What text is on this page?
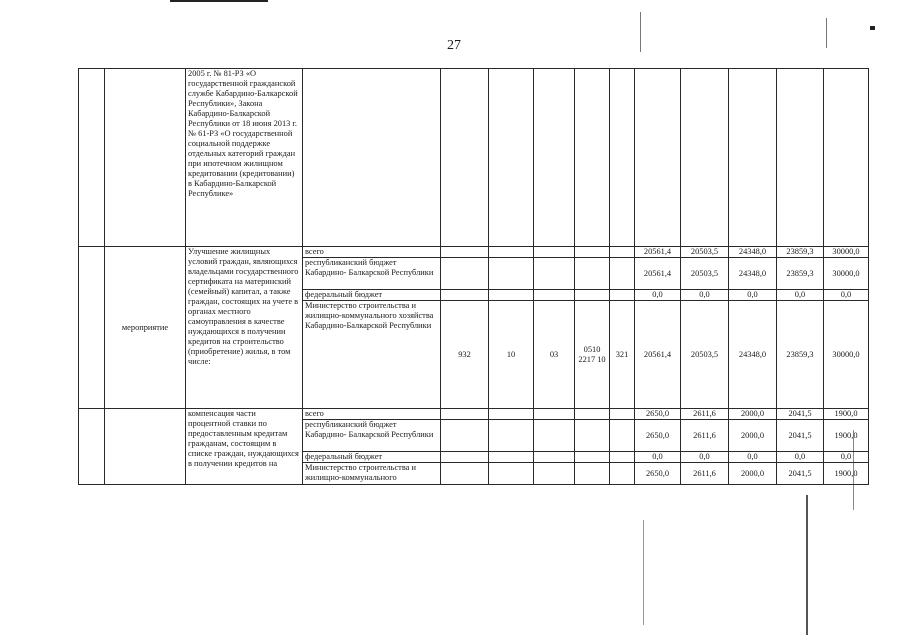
27
		2005 г. № 81-РЗ «О государственной гражданской службе Кабардино-Балкарской Республики», Закона Кабардино-Балкарской Республики от 18 июня 2013 г. № 61-РЗ «О государственной социальной поддержке отдельных категорий граждан при ипотечном жилищном кредитовании (кредитовании) в Кабардино-Балкарской Республике»											
	мероприятие	Улучшение жилищных условий граждан, являющихся владельцами государственного сертификата на материнский (семейный) капитал, а также граждан, состоящих на учете в органах местного самоуправления в качестве нуждающихся в получении кредитов на строительство (приобретение) жилья, в том числе:	всего						20561,4	20503,5	24348,0	23859,3	30000,0
			республиканский бюджет Кабардино- Балкарской Республики						20561,4	20503,5	24348,0	23859,3	30000,0
			федеральный бюджет						0,0	0,0	0,0	0,0	0,0
			Министерство строительства и жилищно-коммунального хозяйства Кабардино-Балкарской Республики	932	10	03	0510 2217 10	321	20561,4	20503,5	24348,0	23859,3	30000,0
		компенсация части процентной ставки по предоставленным кредитам гражданам, состоящим в списке граждан, нуждающихся в получении кредитов на	всего						2650,0	2611,6	2000,0	2041,5	1900,0
			республиканский бюджет Кабардино- Балкарской Республики						2650,0	2611,6	2000,0	2041,5	1900,0
			федеральный бюджет						0,0	0,0	0,0	0,0	0,0
			Министерство строительства и жилищно-коммунального						2650,0	2611,6	2000,0	2041,5	1900,0
